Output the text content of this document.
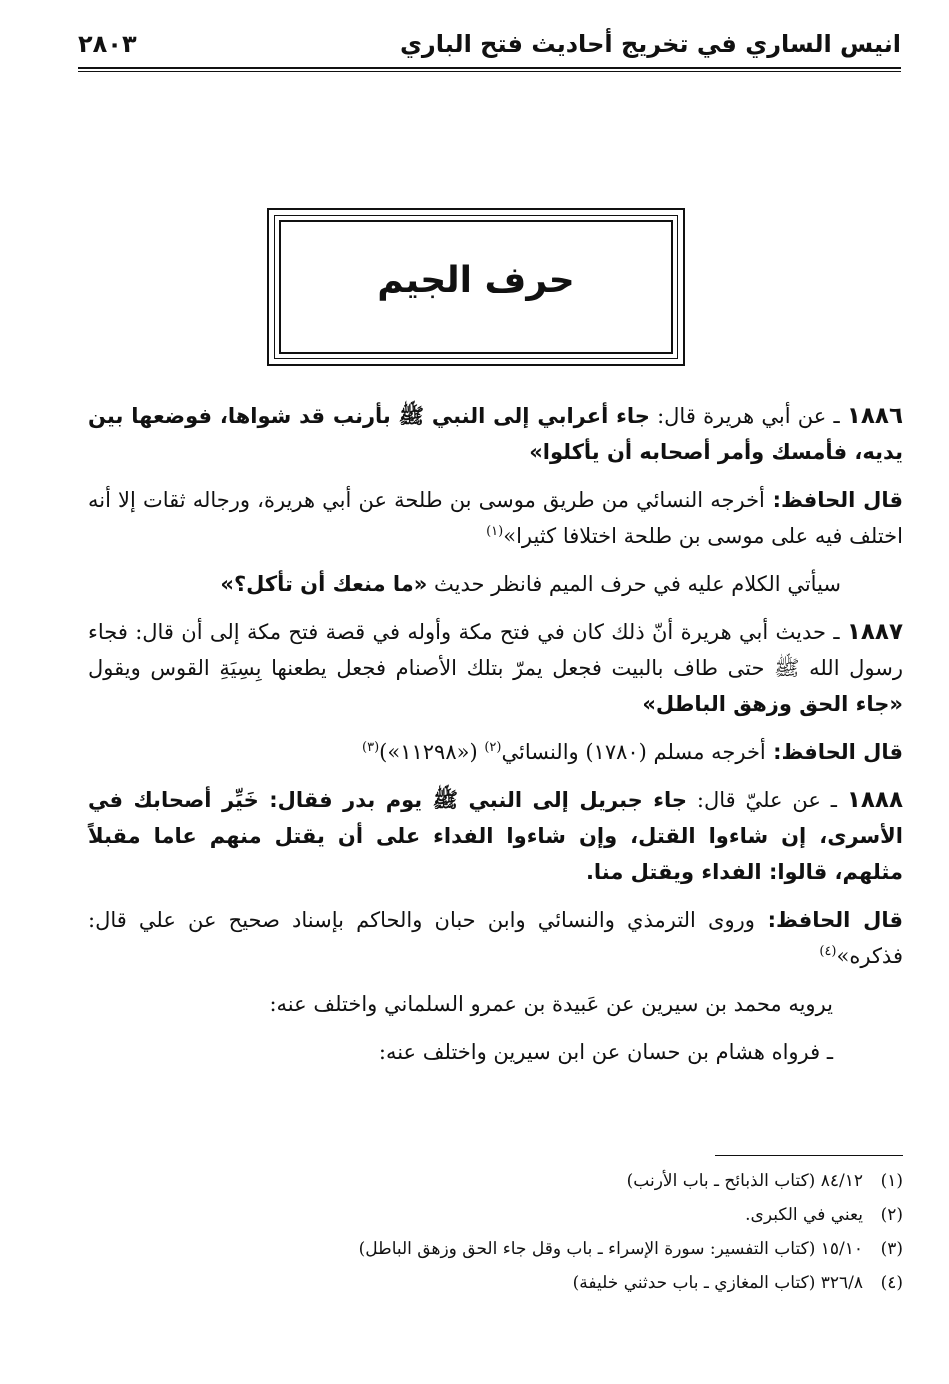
انيس الساري في تخريج أحاديث فتح الباري
٢٨٠٣
حرف الجيم

١٨٨٦ ـ عن أبي هريرة قال: جاء أعرابي إلى النبي ﷺ بأرنب قد شواها، فوضعها بين يديه، فأمسك وأمر أصحابه أن يأكلوا»

قال الحافظ: أخرجه النسائي من طريق موسى بن طلحة عن أبي هريرة، ورجاله ثقات إلا أنه اختلف فيه على موسى بن طلحة اختلافا كثيرا»$^{(١)}$

سيأتي الكلام عليه في حرف الميم فانظر حديث «ما منعك أن تأكل؟»

١٨٨٧ ـ حديث أبي هريرة أنّ ذلك كان في فتح مكة وأوله في قصة فتح مكة إلى أن قال: فجاء رسول الله ﷺ حتى طاف بالبيت فجعل يمرّ بتلك الأصنام فجعل يطعنها بِسِيَةِ القوس ويقول «جاء الحق وزهق الباطل»

قال الحافظ: أخرجه مسلم (١٧٨٠) والنسائي$^{(٢)}$ («١١٢٩٨»)$^{(٣)}$

١٨٨٨ ـ عن عليّ قال: جاء جبريل إلى النبي ﷺ يوم بدر فقال: خَيِّر أصحابك في الأسرى، إن شاءوا القتل، وإن شاءوا الفداء على أن يقتل منهم عاما مقبلاً مثلهم، قالوا: الفداء ويقتل منا.

قال الحافظ: وروى الترمذي والنسائي وابن حبان والحاكم بإسناد صحيح عن علي قال: فذكره»$^{(٤)}$

يرويه محمد بن سيرين عن عَبيدة بن عمرو السلماني واختلف عنه:

ـ فرواه هشام بن حسان عن ابن سيرين واختلف عنه:

(١)٨٤/١٢ (كتاب الذبائح ـ باب الأرنب)
(٢)يعني في الكبرى.
(٣)١٥/١٠ (كتاب التفسير: سورة الإسراء ـ باب وقل جاء الحق وزهق الباطل)
(٤)٣٢٦/٨ (كتاب المغازي ـ باب حدثني خليفة)
